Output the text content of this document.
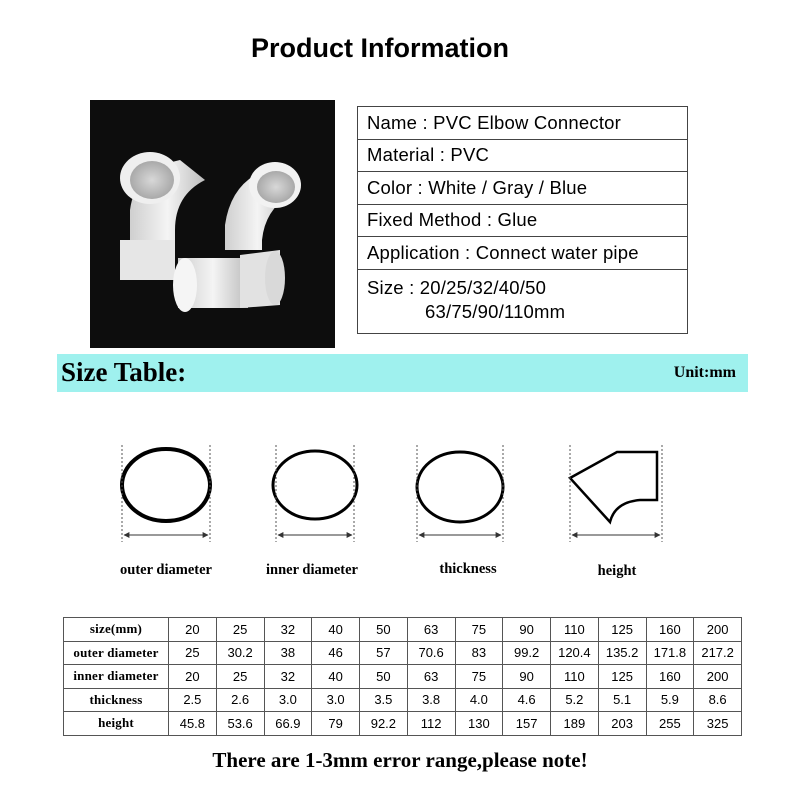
Product Information
Name : PVC Elbow Connector
Material : PVC
Color : White / Gray / Blue
Fixed Method : Glue
Application : Connect water pipe
Size : 20/25/32/40/50
63/75/90/110mm
Size Table:	Unit:mm
outer diameter	inner diameter	thickness	height
size(mm)	20	25	32	40	50	63	75	90	110	125	160	200
outer diameter	25	30.2	38	46	57	70.6	83	99.2	120.4	135.2	171.8	217.2
inner diameter	20	25	32	40	50	63	75	90	110	125	160	200
thickness	2.5	2.6	3.0	3.0	3.5	3.8	4.0	4.6	5.2	5.1	5.9	8.6
height	45.8	53.6	66.9	79	92.2	112	130	157	189	203	255	325
There are 1-3mm error range,please note!
